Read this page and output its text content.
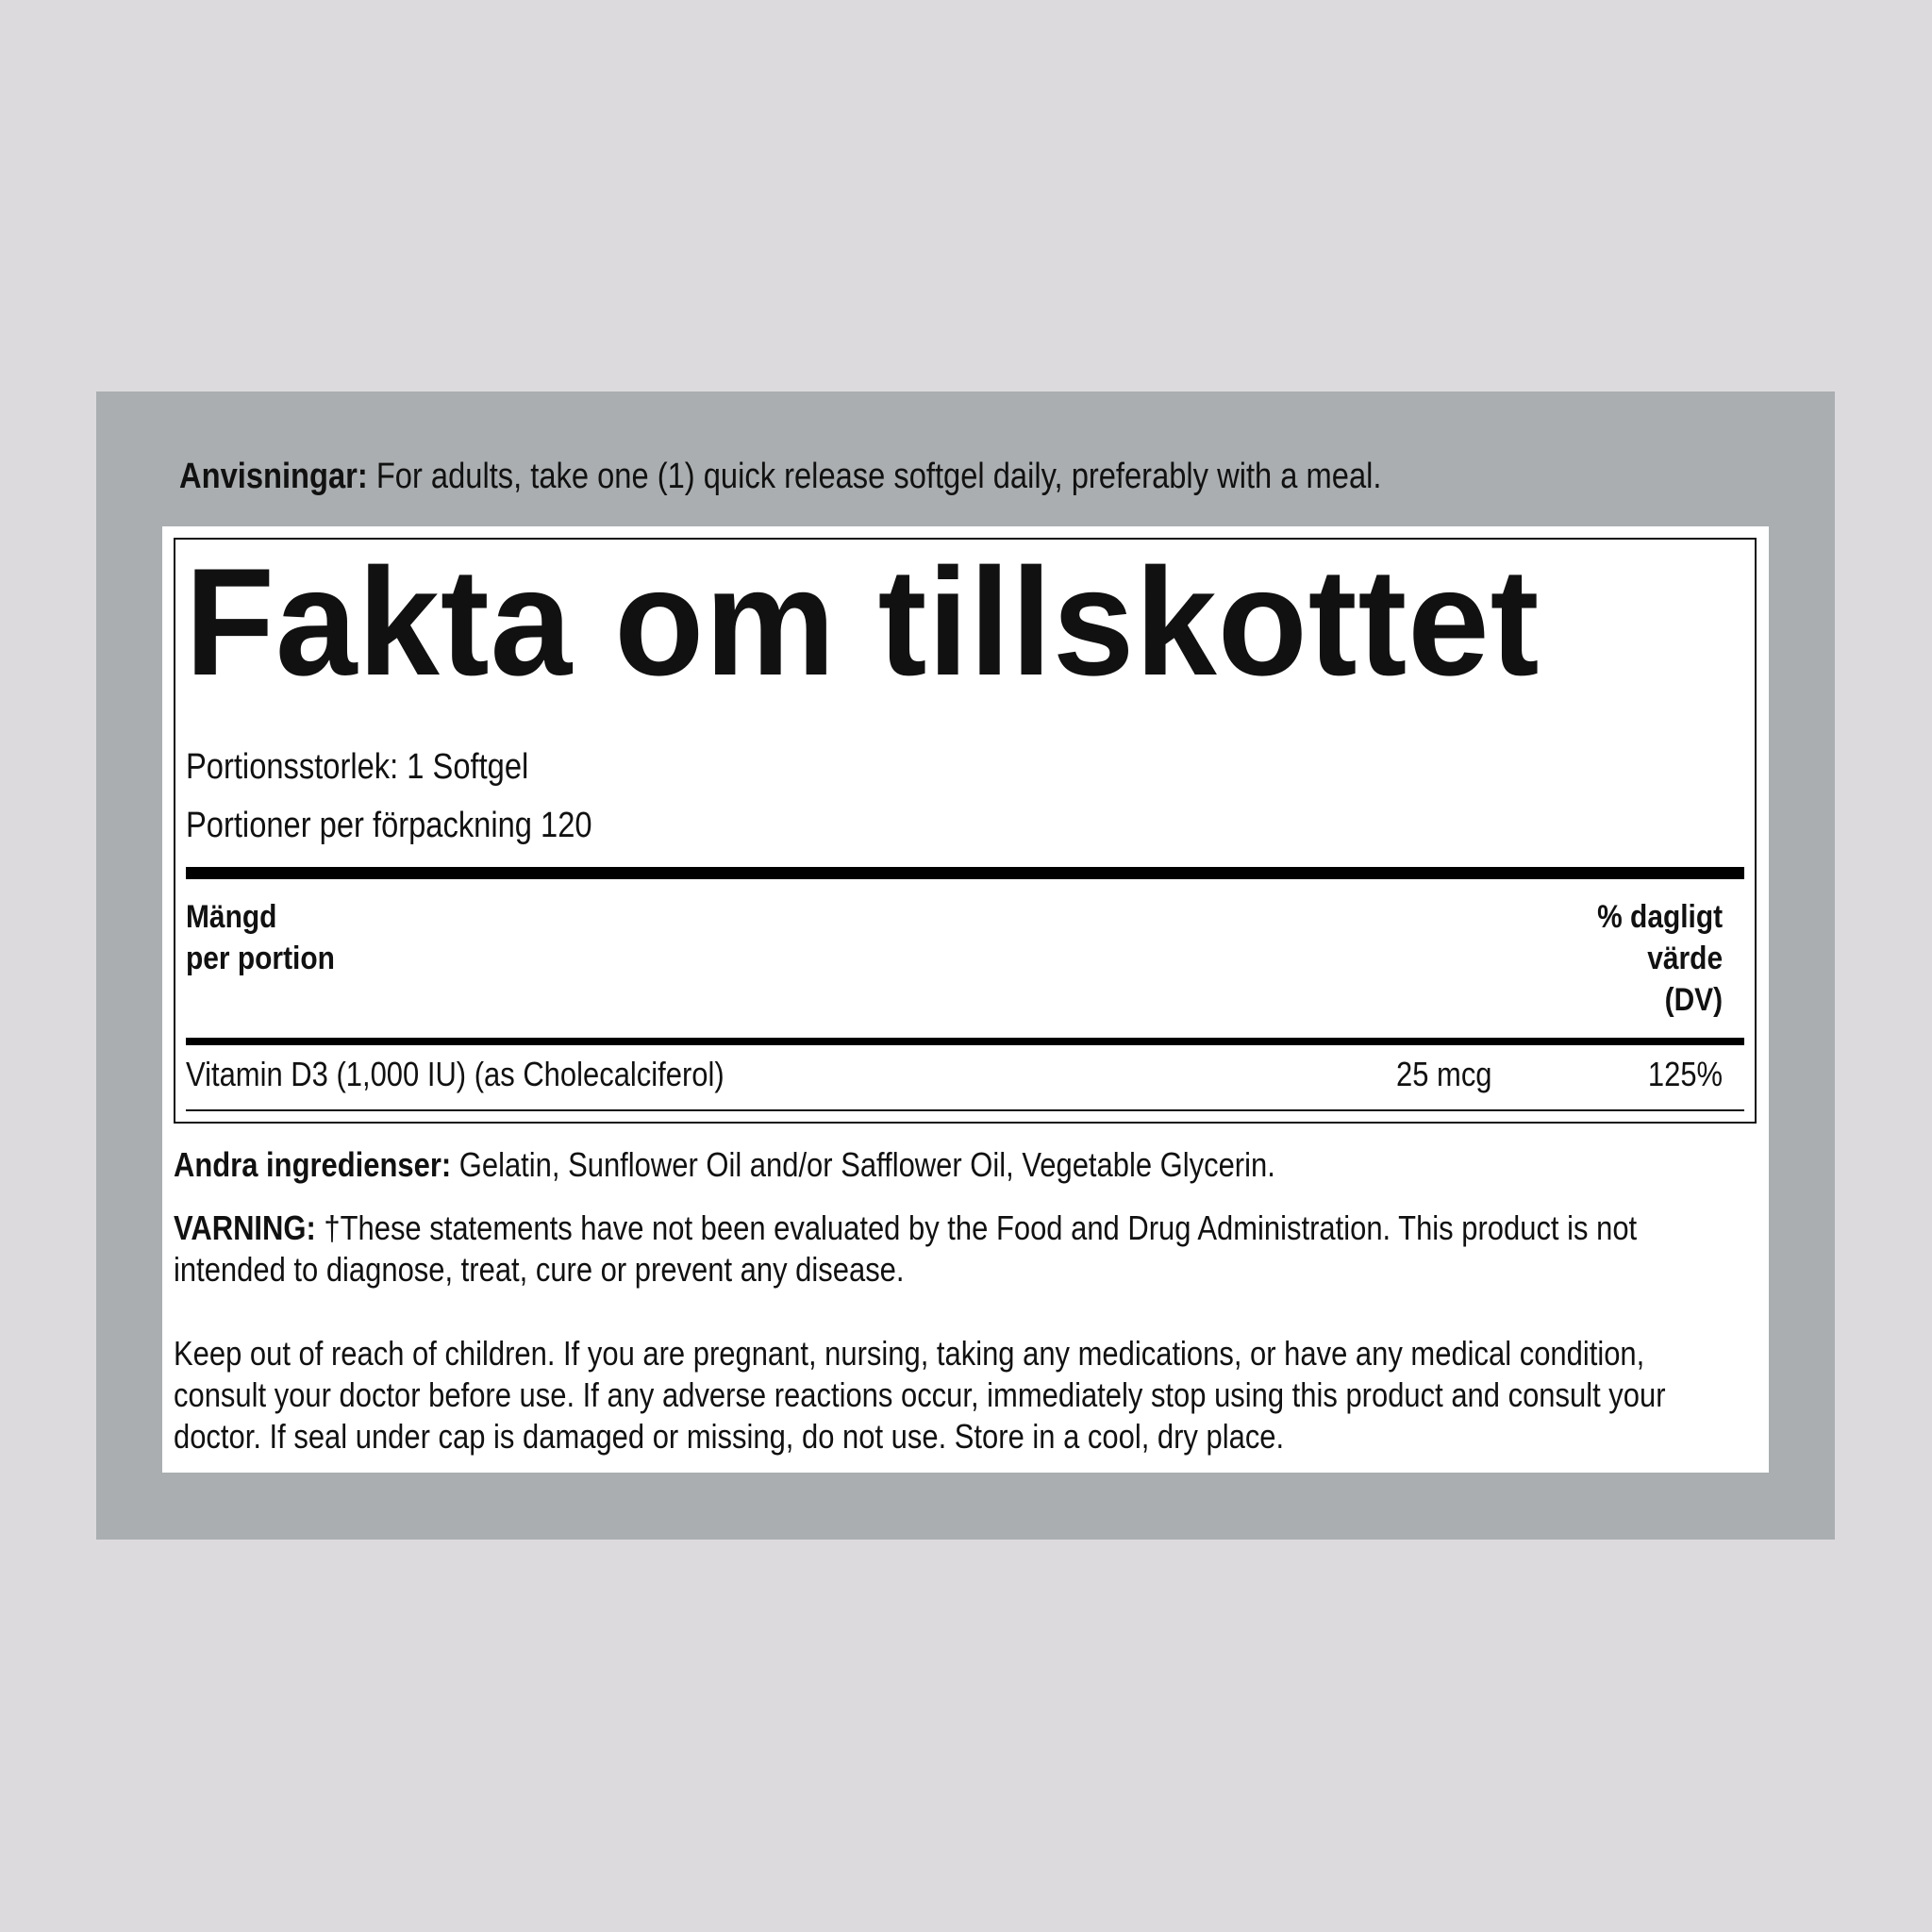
Anvisningar: For adults, take one (1) quick release softgel daily, preferably with a meal.
Fakta om tillskottet
Portionsstorlek: 1 Softgel
Portioner per förpackning 120
Mängd
per portion
% dagligt
värde
(DV)
Vitamin D3 (1,000 IU) (as Cholecalciferol)	25 mcg	125%
Andra ingredienser: Gelatin, Sunflower Oil and/or Safflower Oil, Vegetable Glycerin.
VARNING: †These statements have not been evaluated by the Food and Drug Administration. This product is not intended to diagnose, treat, cure or prevent any disease.
Keep out of reach of children. If you are pregnant, nursing, taking any medications, or have any medical condition, consult your doctor before use. If any adverse reactions occur, immediately stop using this product and consult your doctor. If seal under cap is damaged or missing, do not use. Store in a cool, dry place.
